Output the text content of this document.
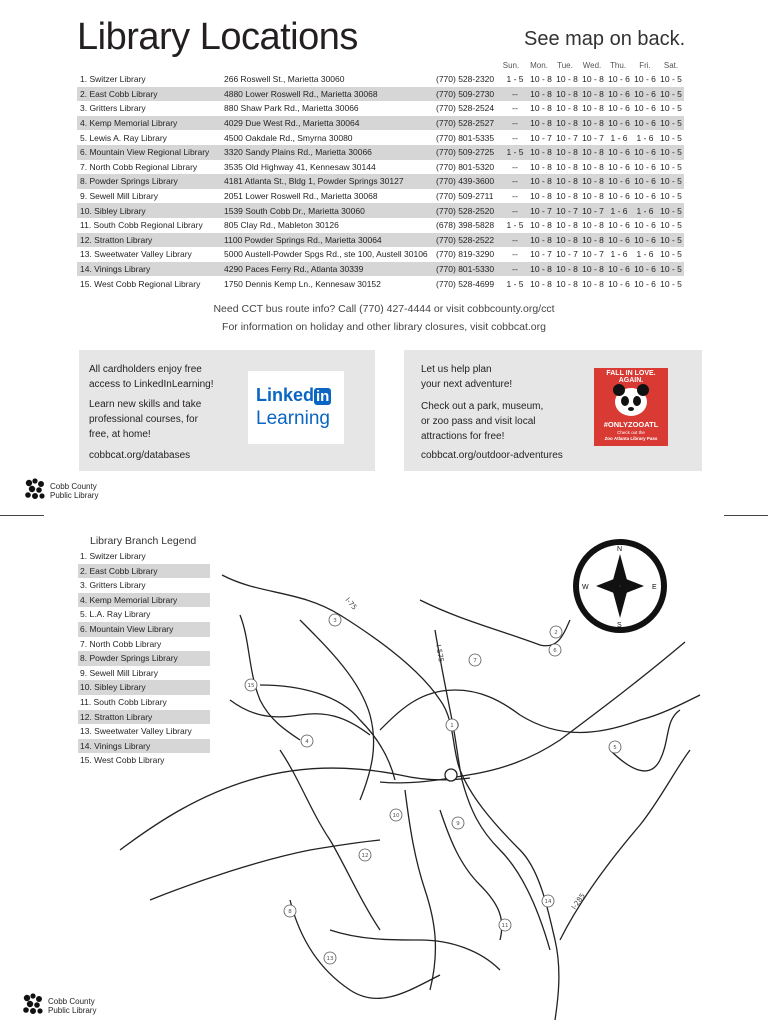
Library Locations	See map on back.
Sun.	Mon.	Tue.	Wed.	Thu.	Fri.	Sat.
1. Switzer Library	266 Roswell St., Marietta 30060	(770) 528-2320	1 - 5	10 - 8	10 - 8	10 - 8	10 - 6	10 - 6	10 - 5
2. East Cobb Library	4880 Lower Roswell Rd., Marietta 30068	(770) 509-2730	--	10 - 8	10 - 8	10 - 8	10 - 6	10 - 6	10 - 5
3. Gritters Library	880 Shaw Park Rd., Marietta 30066	(770) 528-2524	--	10 - 8	10 - 8	10 - 8	10 - 6	10 - 6	10 - 5
4. Kemp Memorial Library	4029 Due West Rd., Marietta 30064	(770) 528-2527	--	10 - 8	10 - 8	10 - 8	10 - 6	10 - 6	10 - 5
5. Lewis A. Ray Library	4500 Oakdale Rd., Smyrna 30080	(770) 801-5335	--	10 - 7	10 - 7	10 - 7	1 - 6	1 - 6	10 - 5
6. Mountain View Regional Library	3320 Sandy Plains Rd., Marietta 30066	(770) 509-2725	1 - 5	10 - 8	10 - 8	10 - 8	10 - 6	10 - 6	10 - 5
7. North Cobb Regional Library	3535 Old Highway 41, Kennesaw 30144	(770) 801-5320	--	10 - 8	10 - 8	10 - 8	10 - 6	10 - 6	10 - 5
8. Powder Springs Library	4181 Atlanta St., Bldg 1, Powder Springs 30127	(770) 439-3600	--	10 - 8	10 - 8	10 - 8	10 - 6	10 - 6	10 - 5
9. Sewell Mill Library	2051 Lower Roswell Rd., Marietta 30068	(770) 509-2711	--	10 - 8	10 - 8	10 - 8	10 - 6	10 - 6	10 - 5
10. Sibley Library	1539 South Cobb Dr., Marietta 30060	(770) 528-2520	--	10 - 7	10 - 7	10 - 7	1 - 6	1 - 6	10 - 5
11. South Cobb Regional Library	805 Clay Rd., Mableton 30126	(678) 398-5828	1 - 5	10 - 8	10 - 8	10 - 8	10 - 6	10 - 6	10 - 5
12. Stratton Library	1100 Powder Springs Rd., Marietta 30064	(770) 528-2522	--	10 - 8	10 - 8	10 - 8	10 - 6	10 - 6	10 - 5
13. Sweetwater Valley Library	5000 Austell-Powder Spgs Rd., ste 100, Austell 30106	(770) 819-3290	--	10 - 7	10 - 7	10 - 7	1 - 6	1 - 6	10 - 5
14. Vinings Library	4290 Paces Ferry Rd., Atlanta 30339	(770) 801-5330	--	10 - 8	10 - 8	10 - 8	10 - 6	10 - 6	10 - 5
15. West Cobb Regional Library	1750 Dennis Kemp Ln., Kennesaw 30152	(770) 528-4699	1 - 5	10 - 8	10 - 8	10 - 8	10 - 6	10 - 6	10 - 5
Need CCT bus route info? Call (770) 427-4444 or visit cobbcounty.org/cct
For information on holiday and other library closures, visit cobbcat.org

All cardholders enjoy free

access to LinkedInLearning!

Learn new skills and take

professional courses, for

free, at home!

cobbcat.org/databases

Linked in
Learning

Let us help plan

your next adventure!

Check out a park, museum,

or zoo pass and visit local

attractions for free!

cobbcat.org/outdoor-adventures

FALL IN LOVE. AGAIN.
#ONLYZOOATL
Check out the
Zoo Atlanta Library Pass
Cobb County
Public Library
I-75
I-575
I-285
1
2
3
4
5
6
7
8
9
10
11
12
13
14
15
N
S
E
W
Library Branch Legend
1. Switzer Library
2. East Cobb Library
3. Gritters Library
4. Kemp Memorial Library
5. L.A. Ray Library
6. Mountain View Library
7. North Cobb Library
8. Powder Springs Library
9. Sewell Mill Library
10. Sibley Library
11. South Cobb Library
12. Stratton Library
13. Sweetwater Valley Library
14. Vinings Library
15. West Cobb Library
Cobb County
Public Library
